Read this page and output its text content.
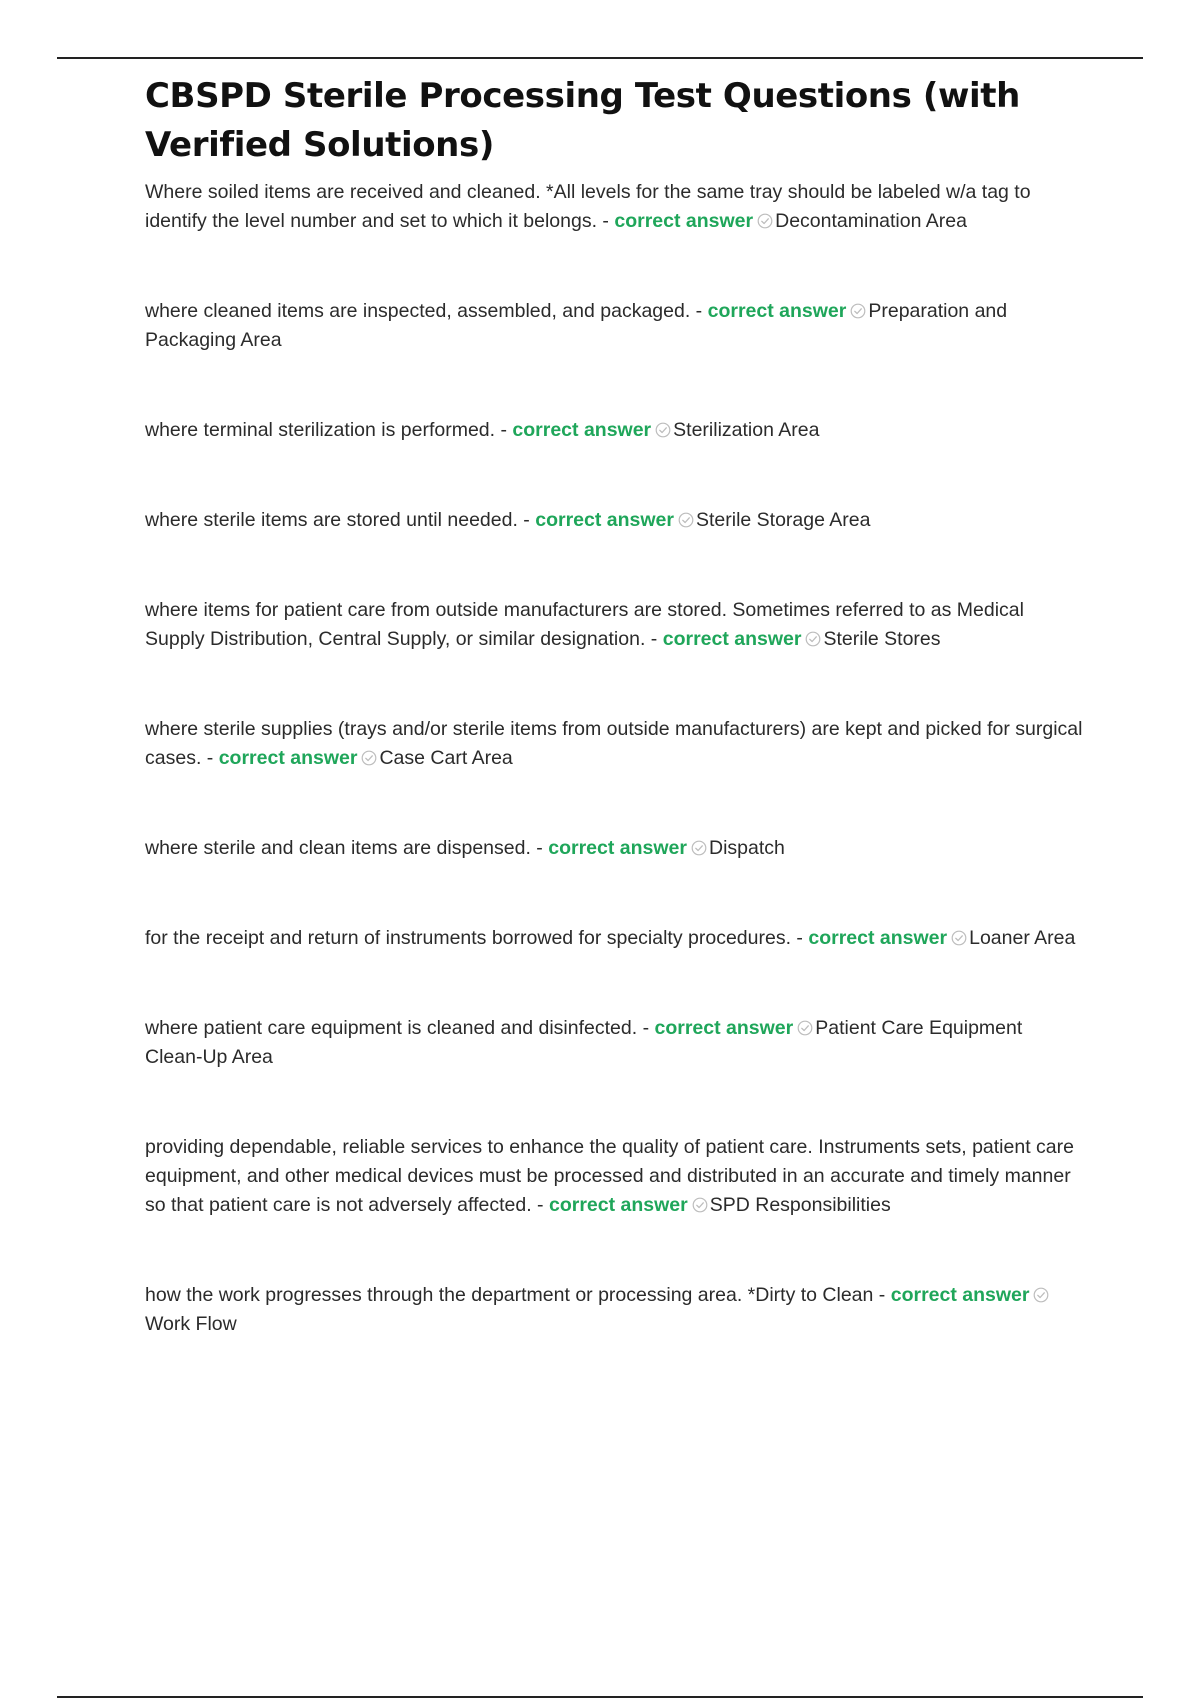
CBSPD Sterile Processing Test Questions (with Verified Solutions)

Where soiled items are received and cleaned. *All levels for the same tray should be labeled w/a tag to identify the level number and set to which it belongs. - correct answer Decontamination Area

where cleaned items are inspected, assembled, and packaged. - correct answer Preparation and Packaging Area

where terminal sterilization is performed. - correct answer Sterilization Area

where sterile items are stored until needed. - correct answer Sterile Storage Area

where items for patient care from outside manufacturers are stored. Sometimes referred to as Medical Supply Distribution, Central Supply, or similar designation. - correct answer Sterile Stores

where sterile supplies (trays and/or sterile items from outside manufacturers) are kept and picked for surgical cases. - correct answer Case Cart Area

where sterile and clean items are dispensed. - correct answer Dispatch

for the receipt and return of instruments borrowed for specialty procedures. - correct answer Loaner Area

where patient care equipment is cleaned and disinfected. - correct answer Patient Care Equipment Clean-Up Area

providing dependable, reliable services to enhance the quality of patient care. Instruments sets, patient care equipment, and other medical devices must be processed and distributed in an accurate and timely manner so that patient care is not adversely affected. - correct answer SPD Responsibilities

how the work progresses through the department or processing area. *Dirty to Clean - correct answer
Work Flow
